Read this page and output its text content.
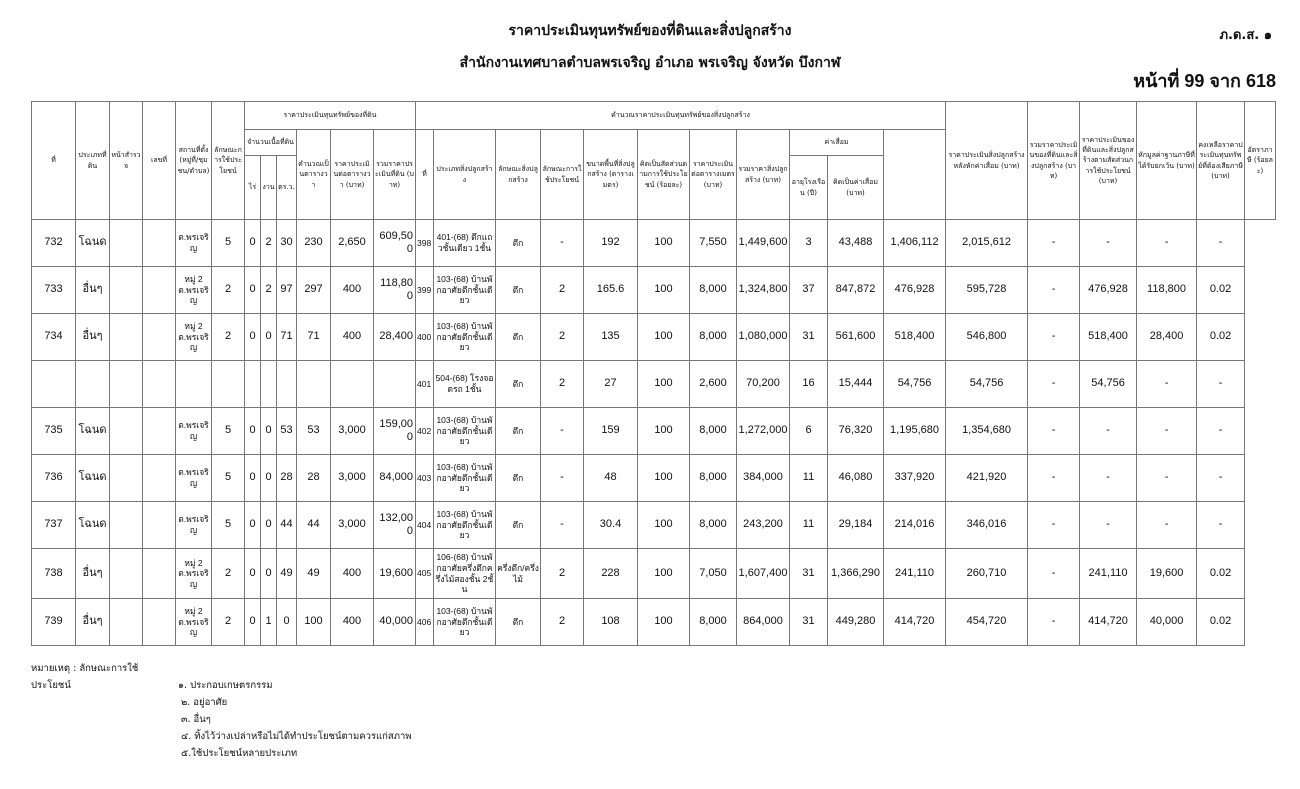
ราคาประเมินทุนทรัพย์ของที่ดินและสิ่งปลูกสร้าง
สำนักงานเทศบาลตำบลพรเจริญ อำเภอ พรเจริญ จังหวัด บึงกาฬ
ภ.ด.ส. ๑
หน้าที่ 99 จาก 618
ที่	ประเภทที่ดิน	หน้าสำรวจ	เลขที่	สถานที่ตั้ง(หมู่ที่/ชุมชน/ตำบล)	ลักษณะการใช้ประโยชน์	ราคาประเมินทุนทรัพย์ของที่ดิน						คำนวณราคาประเมินทุนทรัพย์ของสิ่งปลูกสร้าง											ราคาประเมินสิ่งปลูกสร้างหลังหักค่าเสื่อม (บาท)	รวมราคาประเมินของที่ดินและสิ่งปลูกสร้าง (บาท)	ราคาประเมินของที่ดินและสิ่งปลูกสร้างตามสัดส่วนการใช้ประโยชน์ (บาท)	หักมูลค่าฐานภาษีที่ได้รับยกเว้น (บาท)	คงเหลือราคาประเมินทุนทรัพย์ที่ต้องเสียภาษี (บาท)	อัตราภาษี (ร้อยละ)
						จำนวนเนื้อที่ดิน			คำนวณเป็นตารางวา	ราคาประเมินต่อตารางวา (บาท)	รวมราคาประเมินที่ดิน (บาท)	ที่	ประเภทสิ่งปลูกสร้าง	ลักษณะสิ่งปลูกสร้าง	ลักษณะการใช้ประโยชน์	ขนาดพื้นที่สิ่งปลูกสร้าง (ตารางเมตร)	คิดเป็นสัดส่วนตามการใช้ประโยชน์ (ร้อยละ)	ราคาประเมินต่อตารางเมตร (บาท)	รวมราคาสิ่งปลูกสร้าง (บาท)	ค่าเสื่อม								
						ไร่	งาน	ตร.ว.												อายุโรงเรือน (ปี)	คิดเป็นค่าเสื่อม (บาท)							
732	โฉนด			ต.พรเจริญ	5	0	2	30	230	2,650	609,500	398	401-(68) ตึกแถวชั้นเดียว 1ชั้น	ตึก	-	192	100	7,550	1,449,600	3	43,488	1,406,112	2,015,612	-	-	-	-	
733	อื่นๆ			หมู่ 2 ต.พรเจริญ	2	0	2	97	297	400	118,800	399	103-(68) บ้านพักอาศัยตึกชั้นเดียว	ตึก	2	165.6	100	8,000	1,324,800	37	847,872	476,928	595,728	-	476,928	118,800	0.02	
734	อื่นๆ			หมู่ 2 ต.พรเจริญ	2	0	0	71	71	400	28,400	400	103-(68) บ้านพักอาศัยตึกชั้นเดียว	ตึก	2	135	100	8,000	1,080,000	31	561,600	518,400	546,800	-	518,400	28,400	0.02	
												401	504-(68) โรงจอดรถ 1ชั้น	ตึก	2	27	100	2,600	70,200	16	15,444	54,756	54,756	-	54,756	-	-	
735	โฉนด			ต.พรเจริญ	5	0	0	53	53	3,000	159,000	402	103-(68) บ้านพักอาศัยตึกชั้นเดียว	ตึก	-	159	100	8,000	1,272,000	6	76,320	1,195,680	1,354,680	-	-	-	-	
736	โฉนด			ต.พรเจริญ	5	0	0	28	28	3,000	84,000	403	103-(68) บ้านพักอาศัยตึกชั้นเดียว	ตึก	-	48	100	8,000	384,000	11	46,080	337,920	421,920	-	-	-	-	
737	โฉนด			ต.พรเจริญ	5	0	0	44	44	3,000	132,000	404	103-(68) บ้านพักอาศัยตึกชั้นเดียว	ตึก	-	30.4	100	8,000	243,200	11	29,184	214,016	346,016	-	-	-	-	
738	อื่นๆ			หมู่ 2 ต.พรเจริญ	2	0	0	49	49	400	19,600	405	106-(68) บ้านพักอาศัยครึ่งตึกครึ่งไม้สองชั้น 2ชั้น	ครึ่งตึก/ครึ่งไม้	2	228	100	7,050	1,607,400	31	1,366,290	241,110	260,710	-	241,110	19,600	0.02	
739	อื่นๆ			หมู่ 2 ต.พรเจริญ	2	0	1	0	100	400	40,000	406	103-(68) บ้านพักอาศัยตึกชั้นเดียว	ตึก	2	108	100	8,000	864,000	31	449,280	414,720	454,720	-	414,720	40,000	0.02	
หมายเหตุ : ลักษณะการใช้ประโยชน์	๑. ประกอบเกษตรกรรม
๒. อยู่อาศัย
๓. อื่นๆ
๔. ทิ้งไว้ว่างเปล่าหรือไม่ได้ทำประโยชน์ตามควรแก่สภาพ
๕.ใช้ประโยชน์หลายประเภท
